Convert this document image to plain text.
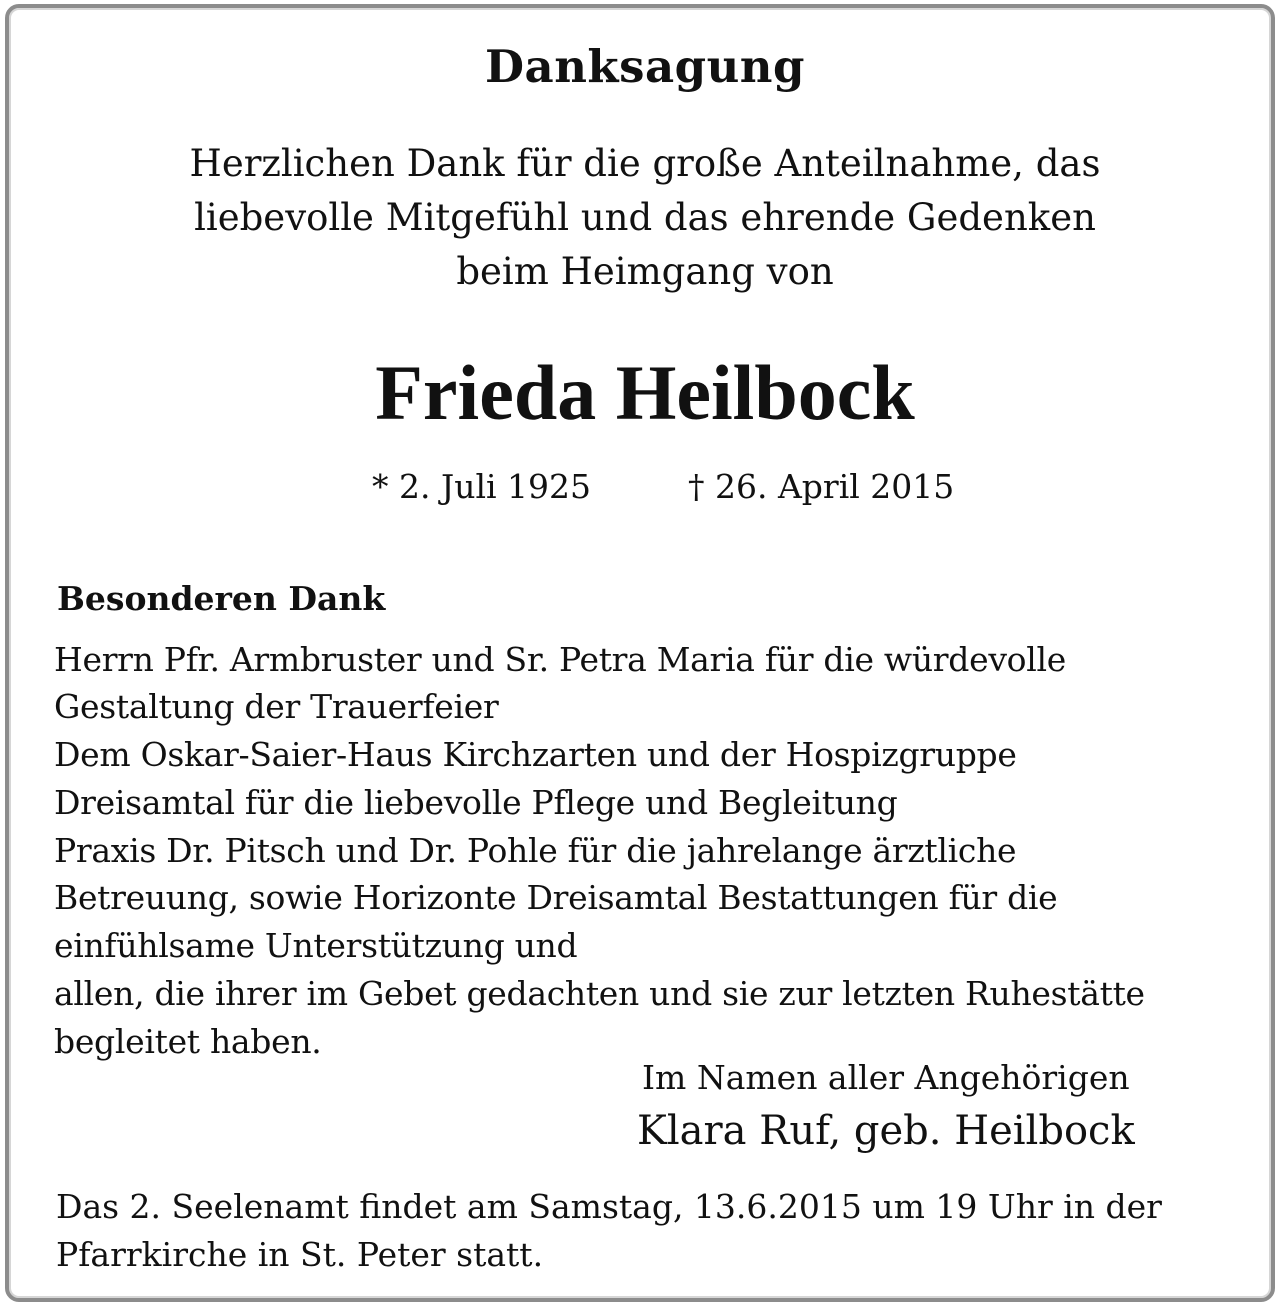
Danksagung

Herzlichen Dank für die große Anteilnahme, das

liebevolle Mitgefühl und das ehrende Gedenken

beim Heimgang von

Frieda Heilbock
* 2. Juli 1925	† 26. April 2015
Besonderen Dank

Herrn Pfr. Armbruster und Sr. Petra Maria für die würdevolle

Gestaltung der Trauerfeier

Dem Oskar-Saier-Haus Kirchzarten und der Hospizgruppe

Dreisamtal für die liebevolle Pflege und Begleitung

Praxis Dr. Pitsch und Dr. Pohle für die jahrelange ärztliche

Betreuung, sowie Horizonte Dreisamtal Bestattungen für die

einfühlsame Unterstützung und

allen, die ihrer im Gebet gedachten und sie zur letzten Ruhestätte

begleitet haben.

Im Namen aller Angehörigen

Klara Ruf, geb. Heilbock

Das 2. Seelenamt findet am Samstag, 13.6.2015 um 19 Uhr in der

Pfarrkirche in St. Peter statt.
